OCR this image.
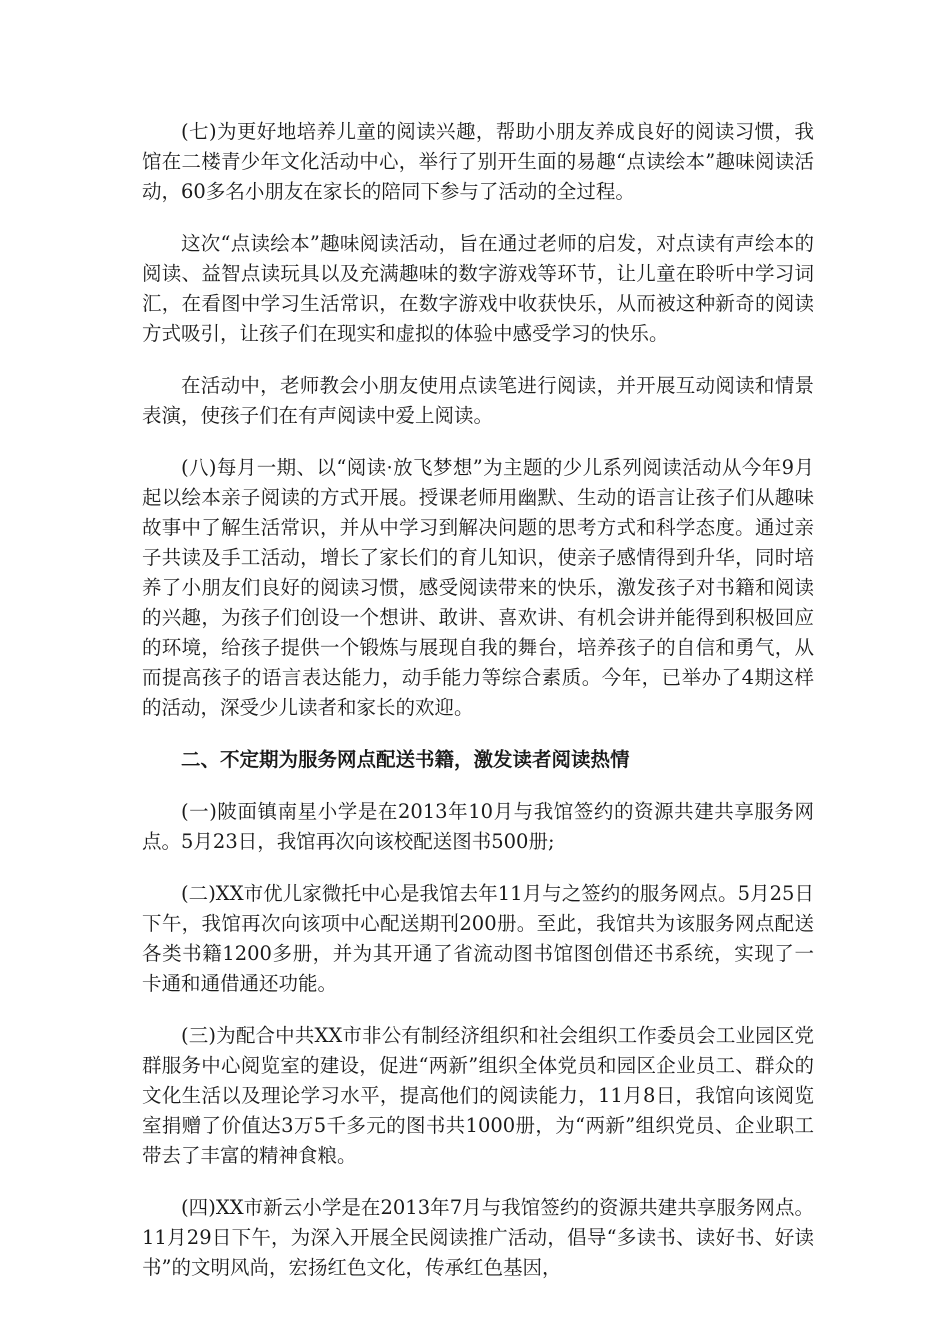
(七)为更好地培养儿童的阅读兴趣，帮助小朋友养成良好的阅读习惯，我馆在二楼青少年文化活动中心，举行了别开生面的易趣“点读绘本”趣味阅读活动，60多名小朋友在家长的陪同下参与了活动的全过程。

这次“点读绘本”趣味阅读活动，旨在通过老师的启发，对点读有声绘本的阅读、益智点读玩具以及充满趣味的数字游戏等环节，让儿童在聆听中学习词汇，在看图中学习生活常识，在数字游戏中收获快乐，从而被这种新奇的阅读方式吸引，让孩子们在现实和虚拟的体验中感受学习的快乐。

在活动中，老师教会小朋友使用点读笔进行阅读，并开展互动阅读和情景表演，使孩子们在有声阅读中爱上阅读。

(八)每月一期、以“阅读·放飞梦想”为主题的少儿系列阅读活动从今年9月起以绘本亲子阅读的方式开展。授课老师用幽默、生动的语言让孩子们从趣味故事中了解生活常识，并从中学习到解决问题的思考方式和科学态度。通过亲子共读及手工活动，增长了家长们的育儿知识，使亲子感情得到升华，同时培养了小朋友们良好的阅读习惯，感受阅读带来的快乐，激发孩子对书籍和阅读的兴趣，为孩子们创设一个想讲、敢讲、喜欢讲、有机会讲并能得到积极回应的环境，给孩子提供一个锻炼与展现自我的舞台，培养孩子的自信和勇气，从而提高孩子的语言表达能力，动手能力等综合素质。今年，已举办了4期这样的活动，深受少儿读者和家长的欢迎。

二、不定期为服务网点配送书籍，激发读者阅读热情

(一)陂面镇南星小学是在2013年10月与我馆签约的资源共建共享服务网点。5月23日，我馆再次向该校配送图书500册;

(二)XX市优儿家微托中心是我馆去年11月与之签约的服务网点。5月25日下午，我馆再次向该项中心配送期刊200册。至此，我馆共为该服务网点配送各类书籍1200多册，并为其开通了省流动图书馆图创借还书系统，实现了一卡通和通借通还功能。

(三)为配合中共XX市非公有制经济组织和社会组织工作委员会工业园区党群服务中心阅览室的建设，促进“两新”组织全体党员和园区企业员工、群众的文化生活以及理论学习水平，提高他们的阅读能力，11月8日，我馆向该阅览室捐赠了价值达3万5千多元的图书共1000册，为“两新”组织党员、企业职工带去了丰富的精神食粮。

(四)XX市新云小学是在2013年7月与我馆签约的资源共建共享服务网点。11月29日下午，为深入开展全民阅读推广活动，倡导“多读书、读好书、好读书”的文明风尚，宏扬红色文化，传承红色基因，
